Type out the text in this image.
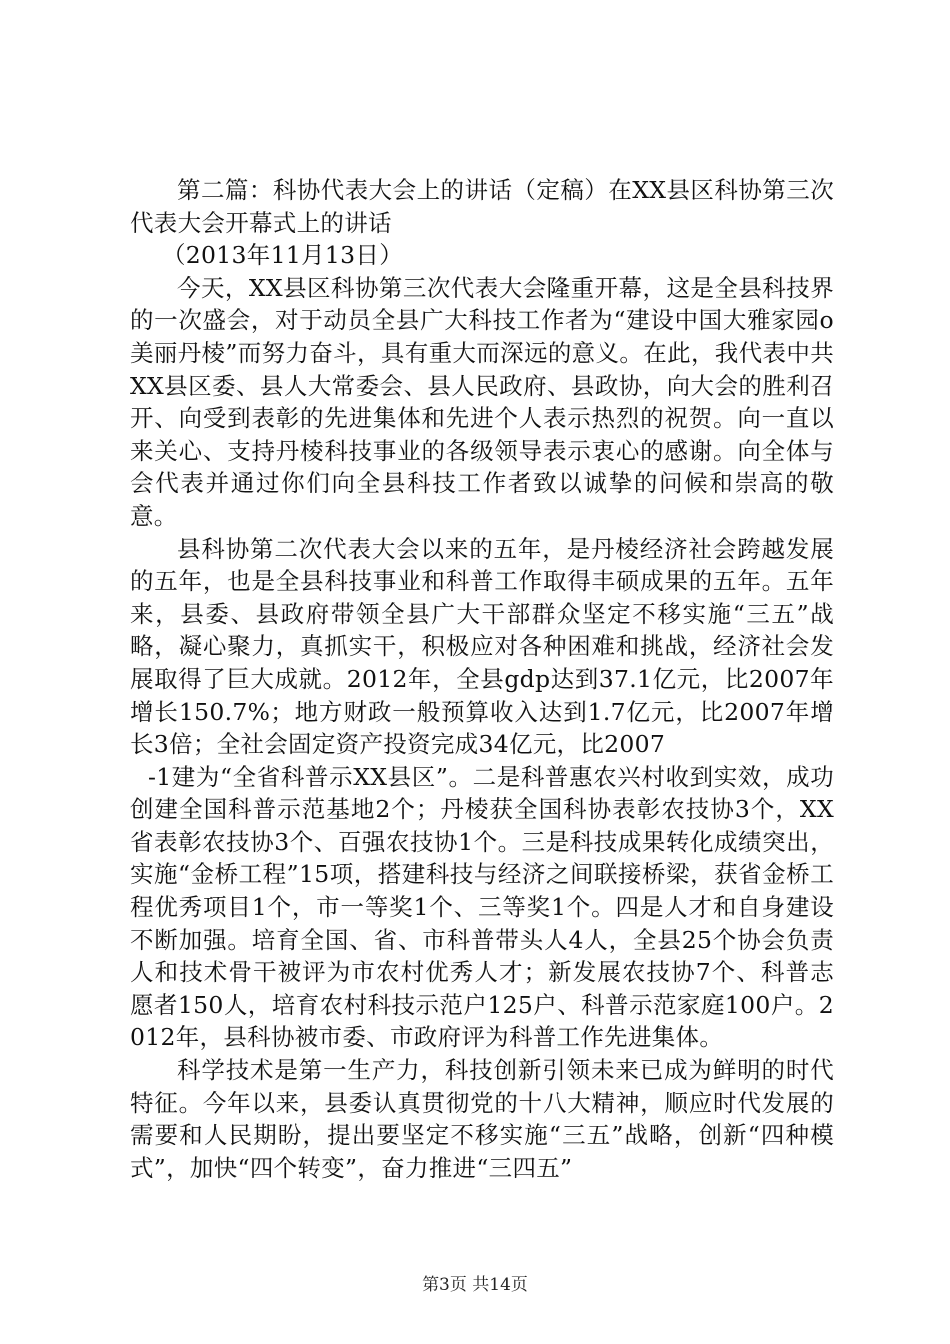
第二篇：科协代表大会上的讲话（定稿）在XX县区科协第三次代表大会开幕式上的讲话

（2013年11月13日）

今天，XX县区科协第三次代表大会隆重开幕，这是全县科技界的一次盛会，对于动员全县广大科技工作者为“建设中国大雅家园o美丽丹棱”而努力奋斗，具有重大而深远的意义。在此，我代表中共XX县区委、县人大常委会、县人民政府、县政协，向大会的胜利召开、向受到表彰的先进集体和先进个人表示热烈的祝贺。向一直以来关心、支持丹棱科技事业的各级领导表示衷心的感谢。向全体与会代表并通过你们向全县科技工作者致以诚挚的问候和崇高的敬意。

县科协第二次代表大会以来的五年，是丹棱经济社会跨越发展的五年，也是全县科技事业和科普工作取得丰硕成果的五年。五年来，县委、县政府带领全县广大干部群众坚定不移实施“三五”战略，凝心聚力，真抓实干，积极应对各种困难和挑战，经济社会发展取得了巨大成就。2012年，全县gdp达到37.1亿元，比2007年增长150.7%；地方财政一般预算收入达到1.7亿元，比2007年增长3倍；全社会固定资产投资完成34亿元，比2007

-1建为“全省科普示XX县区”。二是科普惠农兴村收到实效，成功创建全国科普示范基地2个；丹棱获全国科协表彰农技协3个，XX省表彰农技协3个、百强农技协1个。三是科技成果转化成绩突出，实施“金桥工程”15项，搭建科技与经济之间联接桥梁，获省金桥工程优秀项目1个，市一等奖1个、三等奖1个。四是人才和自身建设不断加强。培育全国、省、市科普带头人4人，全县25个协会负责人和技术骨干被评为市农村优秀人才；新发展农技协7个、科普志愿者150人，培育农村科技示范户125户、科普示范家庭100户。2012年，县科协被市委、市政府评为科普工作先进集体。

科学技术是第一生产力，科技创新引领未来已成为鲜明的时代特征。今年以来，县委认真贯彻党的十八大精神，顺应时代发展的需要和人民期盼，提出要坚定不移实施“三五”战略，创新“四种模式”，加快“四个转变”，奋力推进“三四五”

第3页 共14页
